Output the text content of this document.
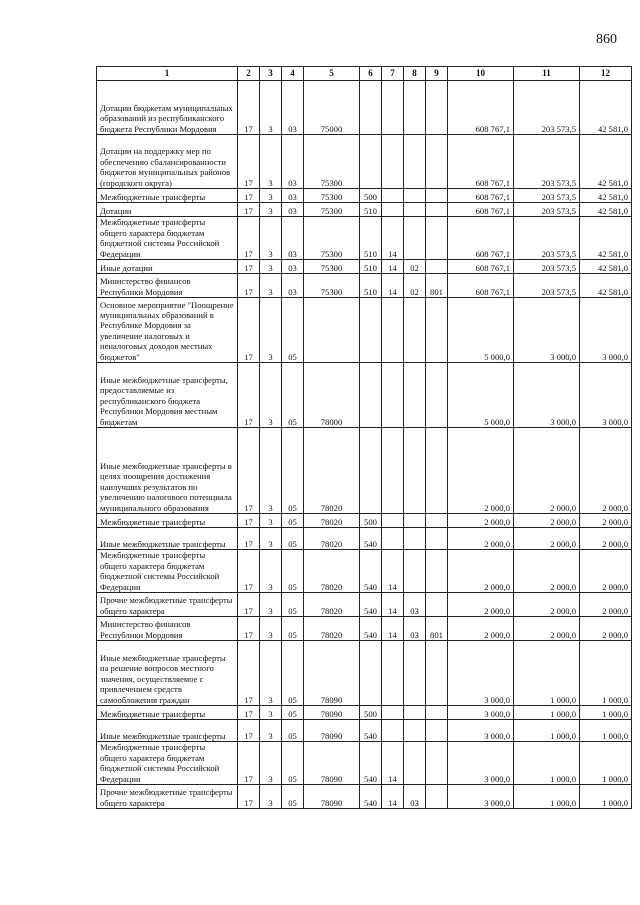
860
1	2	3	4	5	6	7	8	9	10	11	12
Дотации бюджетам муниципальных образований из республиканского бюджета Республики Мордовия	17	3	03	75000					608 767,1	203 573,5	42 581,0
Дотации на поддержку мер по обеспечению сбалансированности бюджетов муниципальных районов (городского округа)	17	3	03	75300					608 767,1	203 573,5	42 581,0
Межбюджетные трансферты	17	3	03	75300	500				608 767,1	203 573,5	42 581,0
Дотации	17	3	03	75300	510				608 767,1	203 573,5	42 581,0
Межбюджетные трансферты общего характера бюджетам бюджетной системы Российской Федерации	17	3	03	75300	510	14			608 767,1	203 573,5	42 581,0
Иные дотации	17	3	03	75300	510	14	02		608 767,1	203 573,5	42 581,0
Министерство финансов Республики Мордовия	17	3	03	75300	510	14	02	801	608 767,1	203 573,5	42 581,0
Основное мероприятие "Поощрение муниципальных образований в Республике Мордовия за увеличение налоговых и неналоговых доходов местных бюджетов"	17	3	05						5 000,0	3 000,0	3 000,0
Иные межбюджетные трансферты, предоставляемые из республиканского бюджета Республики Мордовия местным бюджетам	17	3	05	78000					5 000,0	3 000,0	3 000,0
Иные межбюджетные трансферты в целях поощрения достижения наилучших результатов по увеличению налогового потенциала муниципального образования	17	3	05	78020					2 000,0	2 000,0	2 000,0
Межбюджетные трансферты	17	3	05	78020	500				2 000,0	2 000,0	2 000,0
Иные межбюджетные трансферты	17	3	05	78020	540				2 000,0	2 000,0	2 000,0
Межбюджетные трансферты общего характера бюджетам бюджетной системы Российской Федерации	17	3	05	78020	540	14			2 000,0	2 000,0	2 000,0
Прочие межбюджетные трансферты общего характера	17	3	05	78020	540	14	03		2 000,0	2 000,0	2 000,0
Министерство финансов Республики Мордовия	17	3	05	78020	540	14	03	801	2 000,0	2 000,0	2 000,0
Иные межбюджетные трансферты на решение вопросов местного значения, осуществляемое с привлечением средств самообложения граждан	17	3	05	78090					3 000,0	1 000,0	1 000,0
Межбюджетные трансферты	17	3	05	78090	500				3 000,0	1 000,0	1 000,0
Иные межбюджетные трансферты	17	3	05	78090	540				3 000,0	1 000,0	1 000,0
Межбюджетные трансферты общего характера бюджетам бюджетной системы Российской Федерации	17	3	05	78090	540	14			3 000,0	1 000,0	1 000,0
Прочие межбюджетные трансферты общего характера	17	3	05	78090	540	14	03		3 000,0	1 000,0	1 000,0
